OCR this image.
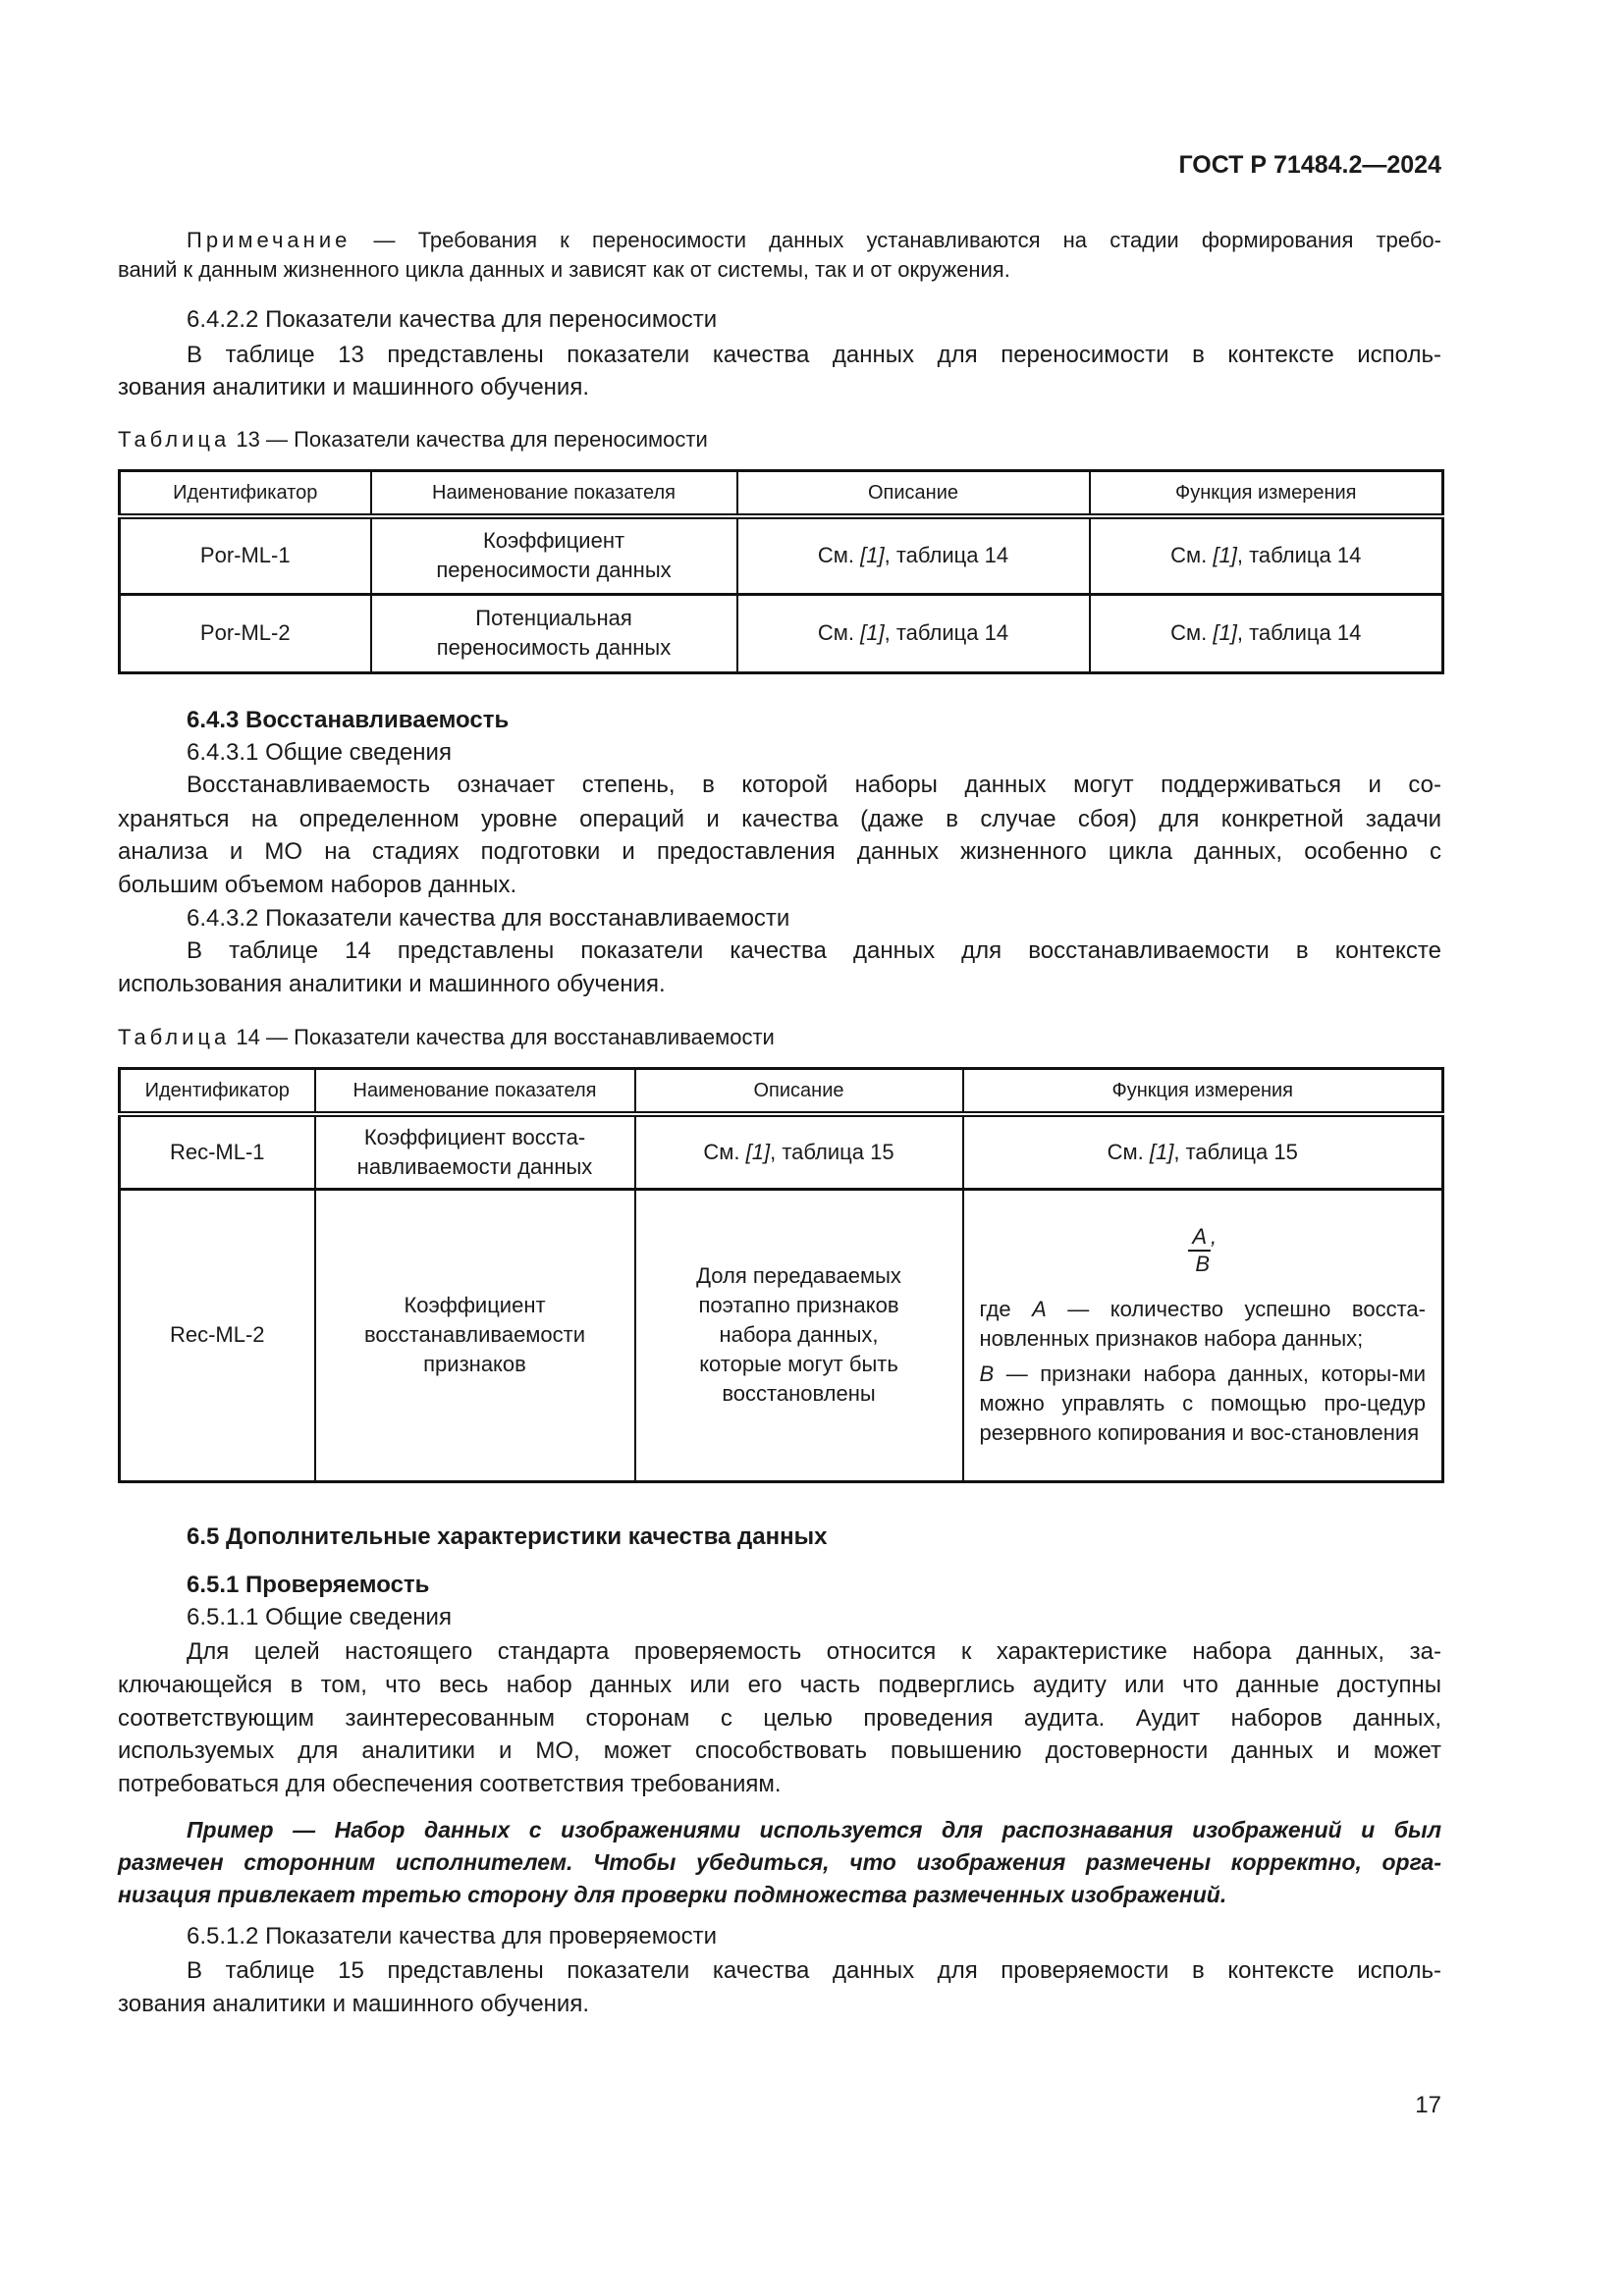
ГОСТ Р 71484.2—2024
Примечание — Требования к переносимости данных устанавливаются на стадии формирования требо-
ваний к данным жизненного цикла данных и зависят как от системы, так и от окружения.
6.4.2.2 Показатели качества для переносимости
В таблице 13 представлены показатели качества данных для переносимости в контексте исполь-
зования аналитики и машинного обучения.
Таблица 13 — Показатели качества для переносимости
Идентификатор	Наименование показателя	Описание	Функция измерения
Por-ML-1	Коэффициент переносимости данных	См. [1], таблица 14	См. [1], таблица 14
Por-ML-2	Потенциальная переносимость данных	См. [1], таблица 14	См. [1], таблица 14
6.4.3 Восстанавливаемость
6.4.3.1 Общие сведения
Восстанавливаемость означает степень, в которой наборы данных могут поддерживаться и со-
храняться на определенном уровне операций и качества (даже в случае сбоя) для конкретной задачи
анализа и МО на стадиях подготовки и предоставления данных жизненного цикла данных, особенно с
большим объемом наборов данных.
6.4.3.2 Показатели качества для восстанавливаемости
В таблице 14 представлены показатели качества данных для восстанавливаемости в контексте
использования аналитики и машинного обучения.
Таблица 14 — Показатели качества для восстанавливаемости
Идентификатор	Наименование показателя	Описание	Функция измерения
Rec-ML-1	Коэффициент восста-навливаемости данных	См. [1], таблица 15	См. [1], таблица 15
Rec-ML-2	Коэффициент восстанавливаемости признаков	Доля передаваемых поэтапно признаков набора данных, которые могут быть восстановлены	A ,
B

где A — количество успешно восста-новленных признаков набора данных;

B — признаки набора данных, которы-ми можно управлять с помощью про-цедур резервного копирования и вос-становления

6.5 Дополнительные характеристики качества данных
6.5.1 Проверяемость
6.5.1.1 Общие сведения
Для целей настоящего стандарта проверяемость относится к характеристике набора данных, за-
ключающейся в том, что весь набор данных или его часть подверглись аудиту или что данные доступны
соответствующим заинтересованным сторонам с целью проведения аудита. Аудит наборов данных,
используемых для аналитики и МО, может способствовать повышению достоверности данных и может
потребоваться для обеспечения соответствия требованиям.
Пример — Набор данных с изображениями используется для распознавания изображений и был
размечен сторонним исполнителем. Чтобы убедиться, что изображения размечены корректно, орга-
низация привлекает третью сторону для проверки подмножества размеченных изображений.
6.5.1.2 Показатели качества для проверяемости
В таблице 15 представлены показатели качества данных для проверяемости в контексте исполь-
зования аналитики и машинного обучения.
17
